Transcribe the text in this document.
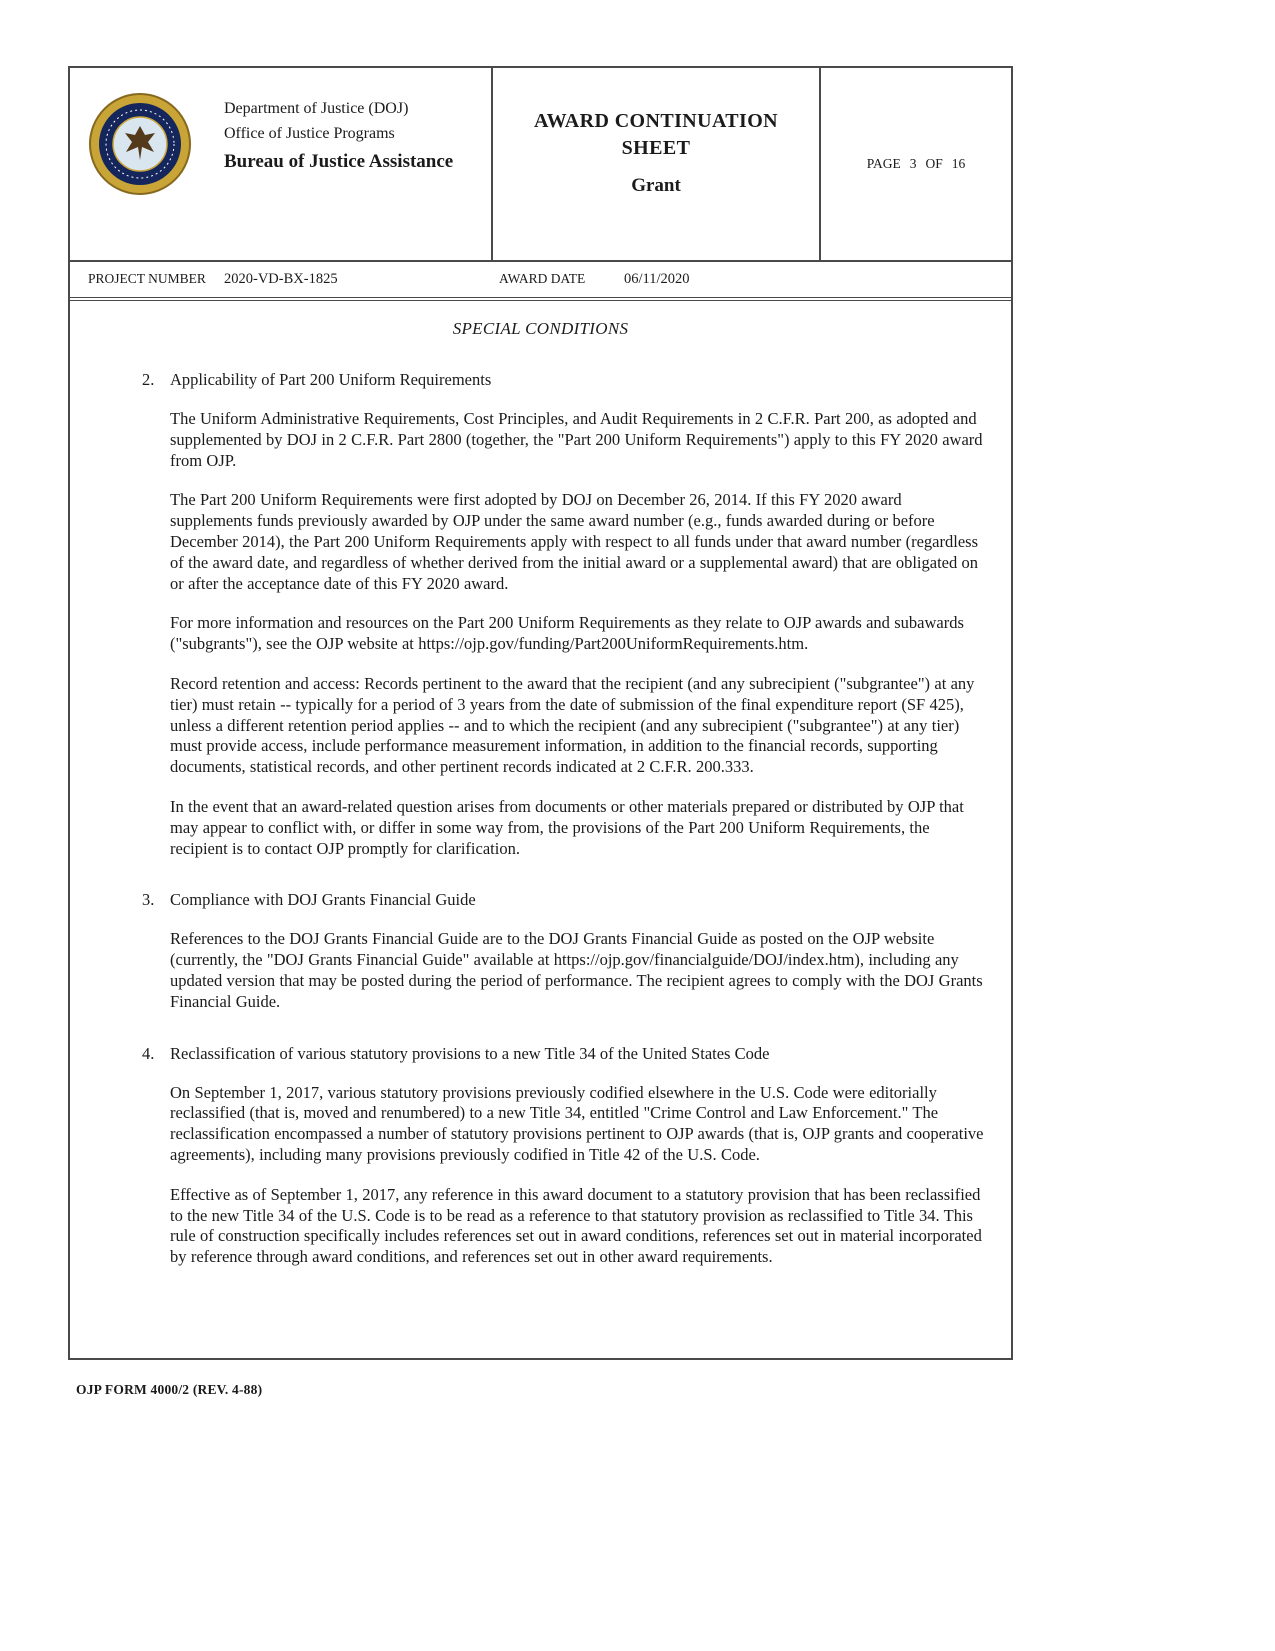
Department of Justice (DOJ)
Office of Justice Programs
Bureau of Justice Assistance
AWARD CONTINUATION
SHEET
Grant
PAGE 3 OF 16
PROJECT NUMBER 2020-VD-BX-1825	AWARD DATE	06/11/2020
SPECIAL CONDITIONS
2. Applicability of Part 200 Uniform Requirements

The Uniform Administrative Requirements, Cost Principles, and Audit Requirements in 2 C.F.R. Part 200, as adopted and supplemented by DOJ in 2 C.F.R. Part 2800 (together, the "Part 200 Uniform Requirements") apply to this FY 2020 award from OJP.

The Part 200 Uniform Requirements were first adopted by DOJ on December 26, 2014. If this FY 2020 award supplements funds previously awarded by OJP under the same award number (e.g., funds awarded during or before December 2014), the Part 200 Uniform Requirements apply with respect to all funds under that award number (regardless of the award date, and regardless of whether derived from the initial award or a supplemental award) that are obligated on or after the acceptance date of this FY 2020 award.

For more information and resources on the Part 200 Uniform Requirements as they relate to OJP awards and subawards ("subgrants"), see the OJP website at https://ojp.gov/funding/Part200UniformRequirements.htm.

Record retention and access: Records pertinent to the award that the recipient (and any subrecipient ("subgrantee") at any tier) must retain -- typically for a period of 3 years from the date of submission of the final expenditure report (SF 425), unless a different retention period applies -- and to which the recipient (and any subrecipient ("subgrantee") at any tier) must provide access, include performance measurement information, in addition to the financial records, supporting documents, statistical records, and other pertinent records indicated at 2 C.F.R. 200.333.

In the event that an award-related question arises from documents or other materials prepared or distributed by OJP that may appear to conflict with, or differ in some way from, the provisions of the Part 200 Uniform Requirements, the recipient is to contact OJP promptly for clarification.

3. Compliance with DOJ Grants Financial Guide

References to the DOJ Grants Financial Guide are to the DOJ Grants Financial Guide as posted on the OJP website (currently, the "DOJ Grants Financial Guide" available at https://ojp.gov/financialguide/DOJ/index.htm), including any updated version that may be posted during the period of performance. The recipient agrees to comply with the DOJ Grants Financial Guide.

4. Reclassification of various statutory provisions to a new Title 34 of the United States Code

On September 1, 2017, various statutory provisions previously codified elsewhere in the U.S. Code were editorially reclassified (that is, moved and renumbered) to a new Title 34, entitled "Crime Control and Law Enforcement." The reclassification encompassed a number of statutory provisions pertinent to OJP awards (that is, OJP grants and cooperative agreements), including many provisions previously codified in Title 42 of the U.S. Code.

Effective as of September 1, 2017, any reference in this award document to a statutory provision that has been reclassified to the new Title 34 of the U.S. Code is to be read as a reference to that statutory provision as reclassified to Title 34. This rule of construction specifically includes references set out in award conditions, references set out in material incorporated by reference through award conditions, and references set out in other award requirements.

OJP FORM 4000/2 (REV. 4-88)
